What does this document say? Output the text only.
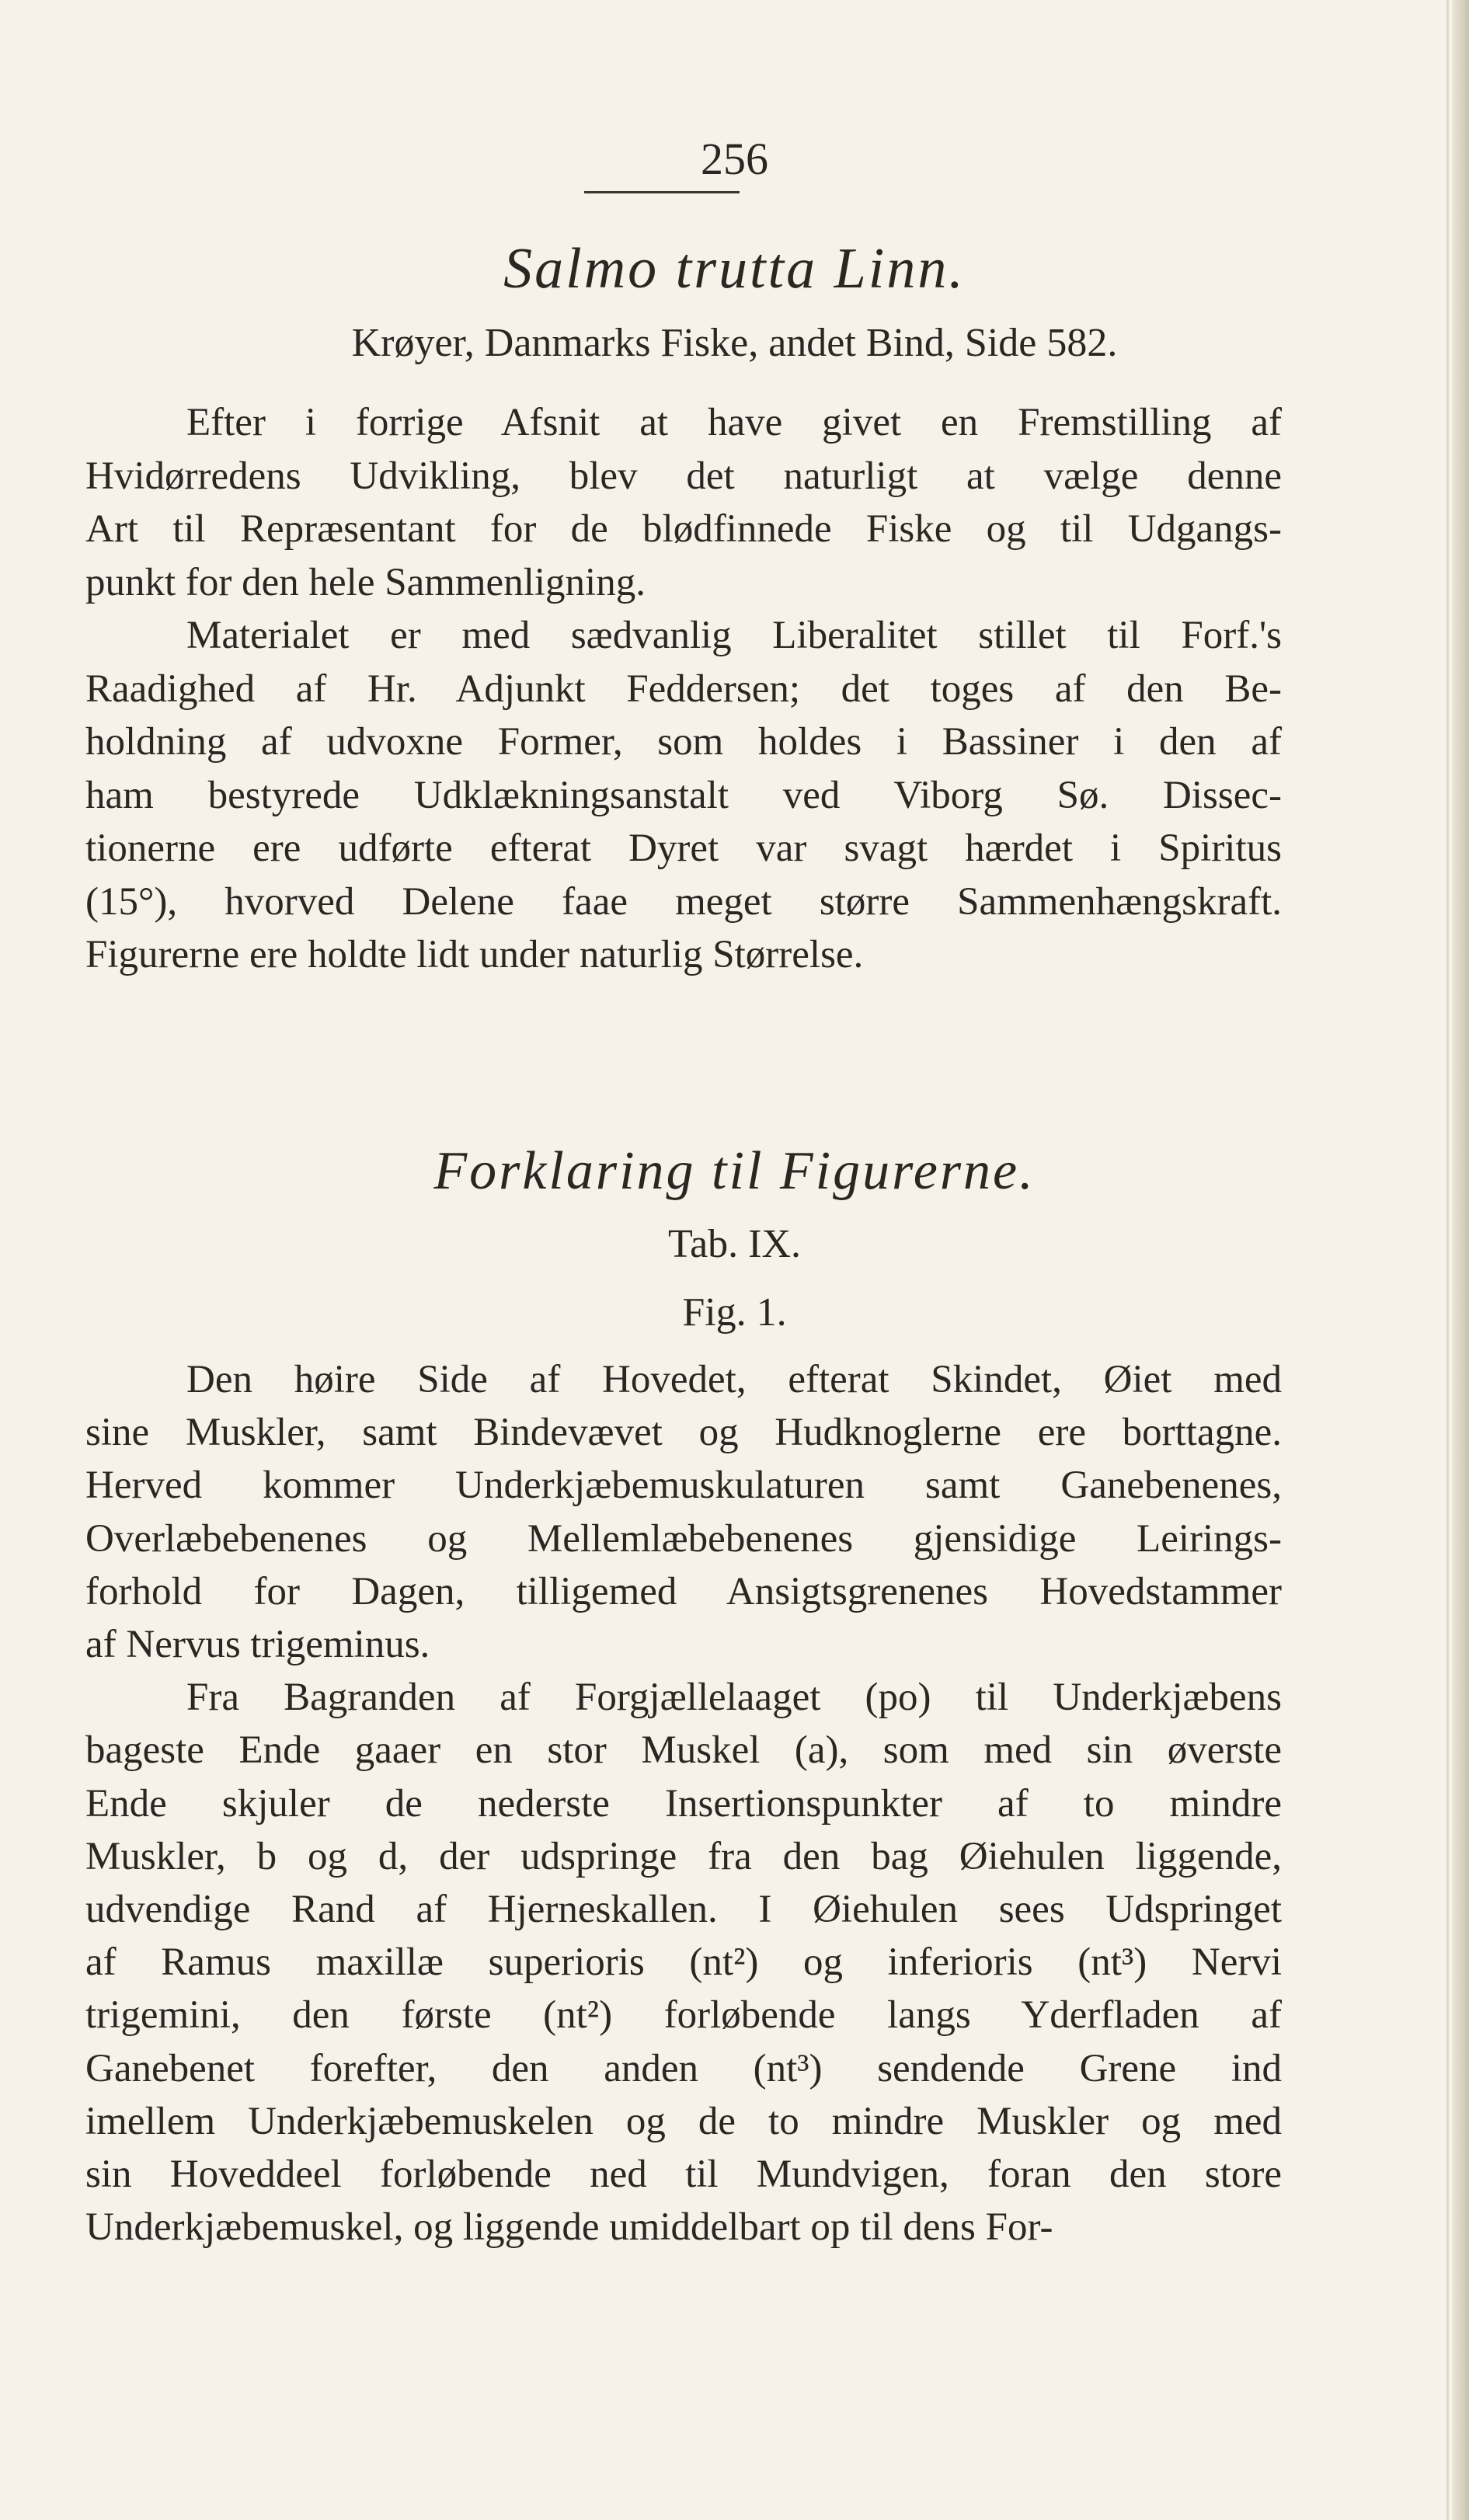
256
Salmo trutta Linn.
Krøyer, Danmarks Fiske, andet Bind, Side 582.
Efter i forrige Afsnit at have givet en Fremstilling af
Hvidørredens Udvikling, blev det naturligt at vælge denne
Art til Repræsentant for de blødfinnede Fiske og til Udgangs-
punkt for den hele Sammenligning.
Materialet er med sædvanlig Liberalitet stillet til Forf.'s
Raadighed af Hr. Adjunkt Feddersen; det toges af den Be-
holdning af udvoxne Former, som holdes i Bassiner i den af
ham bestyrede Udklækningsanstalt ved Viborg Sø. Dissec-
tionerne ere udførte efterat Dyret var svagt hærdet i Spiritus
(15°), hvorved Delene faae meget større Sammenhængskraft.
Figurerne ere holdte lidt under naturlig Størrelse.
Forklaring til Figurerne.
Tab. IX.
Fig. 1.
Den høire Side af Hovedet, efterat Skindet, Øiet med
sine Muskler, samt Bindevævet og Hudknoglerne ere borttagne.
Herved kommer Underkjæbemuskulaturen samt Ganebenenes,
Overlæbebenenes og Mellemlæbebenenes gjensidige Leirings-
forhold for Dagen, tilligemed Ansigtsgrenenes Hovedstammer
af Nervus trigeminus.
Fra Bagranden af Forgjællelaaget (po) til Underkjæbens
bageste Ende gaaer en stor Muskel (a), som med sin øverste
Ende skjuler de nederste Insertionspunkter af to mindre
Muskler, b og d, der udspringe fra den bag Øiehulen liggende,
udvendige Rand af Hjerneskallen. I Øiehulen sees Udspringet
af Ramus maxillæ superioris (nt²) og inferioris (nt³) Nervi
trigemini, den første (nt²) forløbende langs Yderfladen af
Ganebenet forefter, den anden (nt³) sendende Grene ind
imellem Underkjæbemuskelen og de to mindre Muskler og med
sin Hoveddeel forløbende ned til Mundvigen, foran den store
Underkjæbemuskel, og liggende umiddelbart op til dens For-
